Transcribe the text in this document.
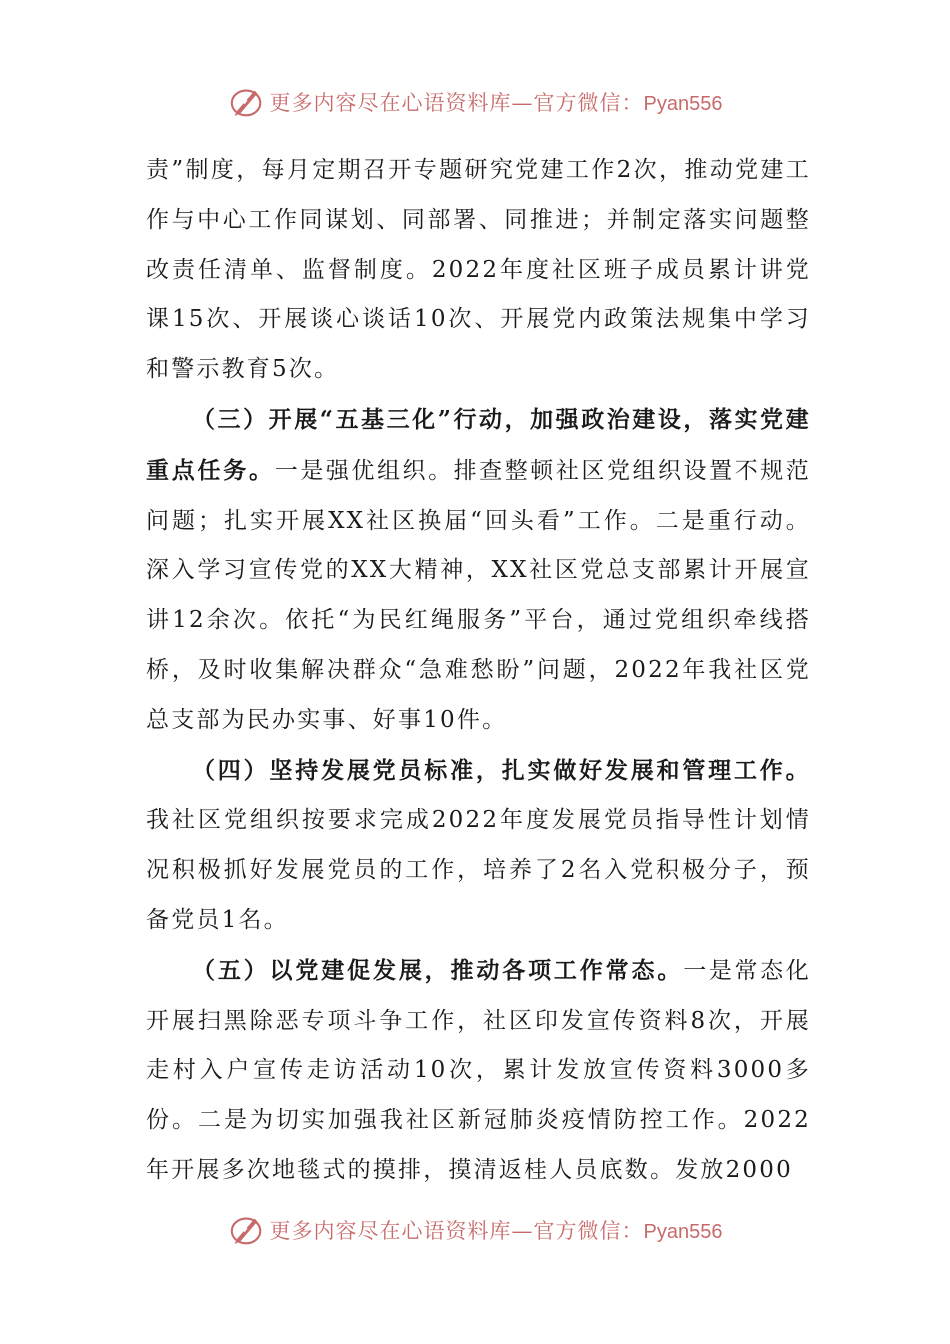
更多内容尽在心语资料库—官方微信：Pyan556

责”制度，每月定期召开专题研究党建工作2次，推动党建工作与中心工作同谋划、同部署、同推进；并制定落实问题整改责任清单、监督制度。2022年度社区班子成员累计讲党课15次、开展谈心谈话10次、开展党内政策法规集中学习和警示教育5次。

（三）开展“五基三化”行动，加强政治建设，落实党建重点任务。一是强优组织。排查整顿社区党组织设置不规范问题；扎实开展XX社区换届“回头看”工作。二是重行动。深入学习宣传党的XX大精神，XX社区党总支部累计开展宣讲12余次。依托“为民红绳服务”平台，通过党组织牵线搭桥，及时收集解决群众“急难愁盼”问题，2022年我社区党总支部为民办实事、好事10件。

（四）坚持发展党员标准，扎实做好发展和管理工作。我社区党组织按要求完成2022年度发展党员指导性计划情况积极抓好发展党员的工作，培养了2名入党积极分子，预备党员1名。

（五）以党建促发展，推动各项工作常态。一是常态化开展扫黑除恶专项斗争工作，社区印发宣传资料8次，开展走村入户宣传走访活动10次，累计发放宣传资料3000多份。二是为切实加强我社区新冠肺炎疫情防控工作。2022年开展多次地毯式的摸排，摸清返桂人员底数。发放2000

更多内容尽在心语资料库—官方微信：Pyan556
